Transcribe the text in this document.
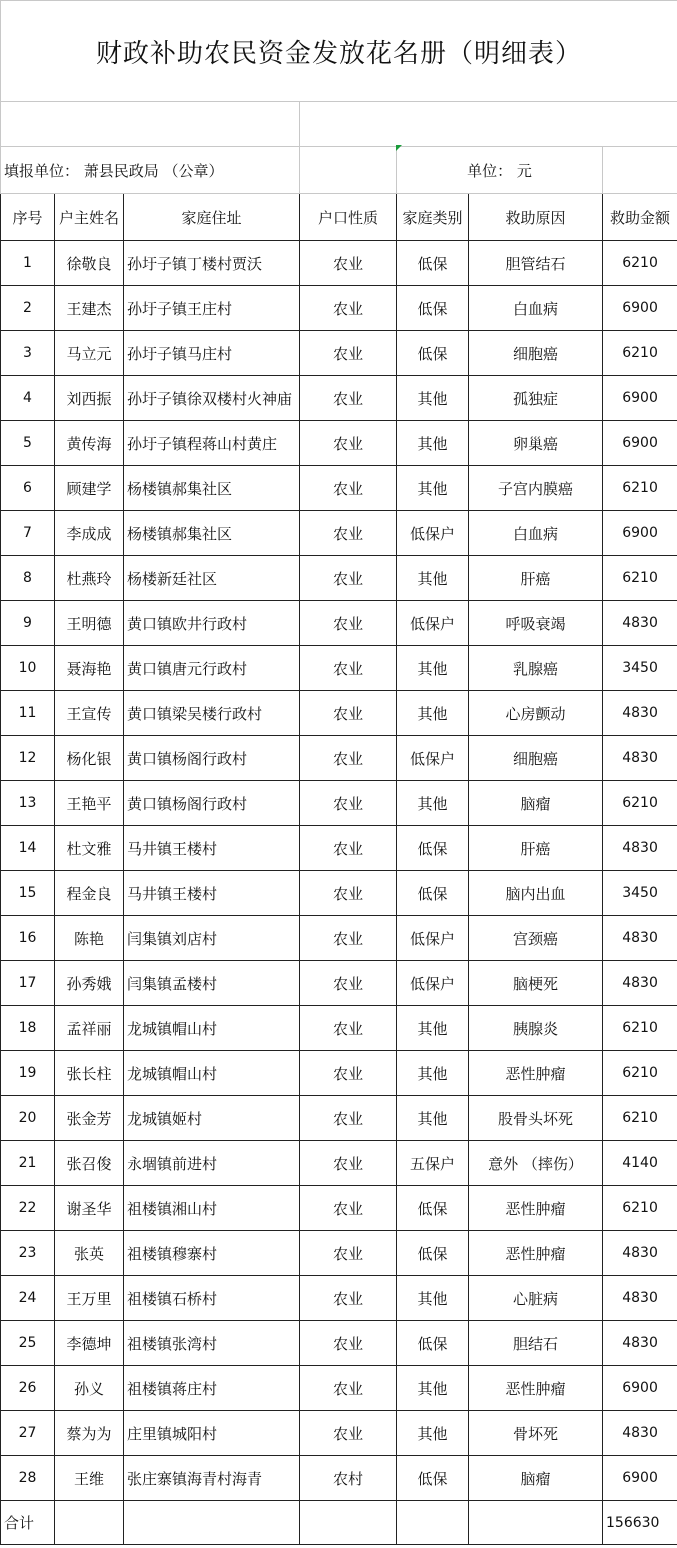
财政补助农民资金发放花名册（明细表）						

填报单位： 萧县民政局 （公章）				单位： 元		
序号	户主姓名	家庭住址	户口性质	家庭类别	救助原因	救助金额
1	徐敬良	孙圩子镇丁楼村贾沃	农业	低保	胆管结石	6210
2	王建杰	孙圩子镇王庄村	农业	低保	白血病	6900
3	马立元	孙圩子镇马庄村	农业	低保	细胞癌	6210
4	刘西振	孙圩子镇徐双楼村火神庙	农业	其他	孤独症	6900
5	黄传海	孙圩子镇程蒋山村黄庄	农业	其他	卵巢癌	6900
6	顾建学	杨楼镇郝集社区	农业	其他	子宫内膜癌	6210
7	李成成	杨楼镇郝集社区	农业	低保户	白血病	6900
8	杜燕玲	杨楼新廷社区	农业	其他	肝癌	6210
9	王明德	黄口镇欧井行政村	农业	低保户	呼吸衰竭	4830
10	聂海艳	黄口镇唐元行政村	农业	其他	乳腺癌	3450
11	王宣传	黄口镇梁吴楼行政村	农业	其他	心房颤动	4830
12	杨化银	黄口镇杨阁行政村	农业	低保户	细胞癌	4830
13	王艳平	黄口镇杨阁行政村	农业	其他	脑瘤	6210
14	杜文雅	马井镇王楼村	农业	低保	肝癌	4830
15	程金良	马井镇王楼村	农业	低保	脑内出血	3450
16	陈艳	闫集镇刘店村	农业	低保户	宫颈癌	4830
17	孙秀娥	闫集镇孟楼村	农业	低保户	脑梗死	4830
18	孟祥丽	龙城镇帽山村	农业	其他	胰腺炎	6210
19	张长柱	龙城镇帽山村	农业	其他	恶性肿瘤	6210
20	张金芳	龙城镇姬村	农业	其他	股骨头坏死	6210
21	张召俊	永堌镇前进村	农业	五保户	意外 （摔伤）	4140
22	谢圣华	祖楼镇湘山村	农业	低保	恶性肿瘤	6210
23	张英	祖楼镇穆寨村	农业	低保	恶性肿瘤	4830
24	王万里	祖楼镇石桥村	农业	其他	心脏病	4830
25	李德坤	祖楼镇张湾村	农业	低保	胆结石	4830
26	孙义	祖楼镇蒋庄村	农业	其他	恶性肿瘤	6900
27	蔡为为	庄里镇城阳村	农业	其他	骨坏死	4830
28	王维	张庄寨镇海青村海青	农村	低保	脑瘤	6900
合计						156630
